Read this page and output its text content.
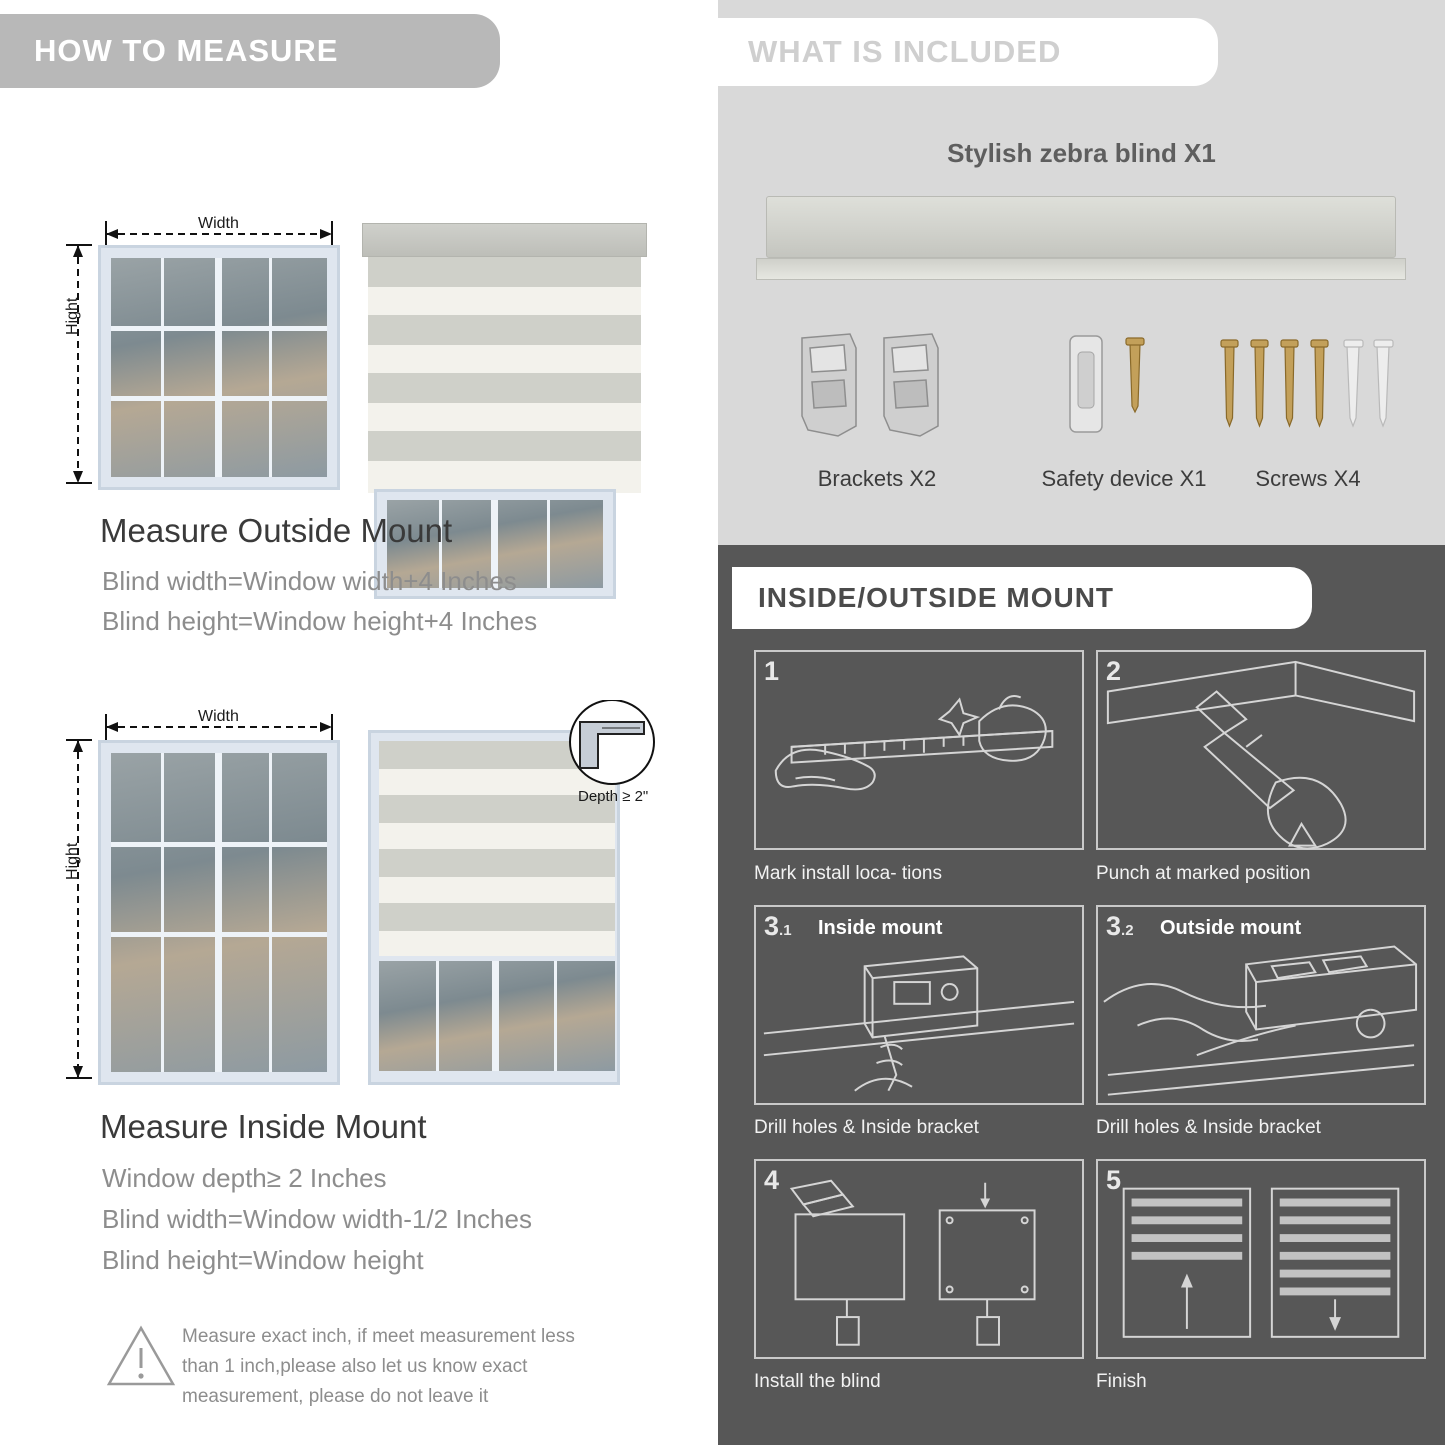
HOW TO MEASURE
Width
Hight
Measure Outside Mount
Blind width=Window width+4 Inches
Blind height=Window height+4 Inches
Width
Hight
Depth ≥ 2"
Measure Inside Mount
Window depth≥ 2 Inches
Blind width=Window width-1/2 Inches
Blind height=Window height
Measure exact inch, if meet measurement less
than 1 inch,please also let us know exact
measurement, please do not leave it
WHAT IS INCLUDED
Stylish zebra blind X1
Brackets X2	Safety device X1	Screws X4
INSIDE/OUTSIDE MOUNT
1
Mark install loca- tions
2
Punch at marked position
3.1 Inside mount
Drill holes & Inside bracket
3.2 Outside mount
Drill holes & Inside bracket
4
Install the blind
5
Finish
